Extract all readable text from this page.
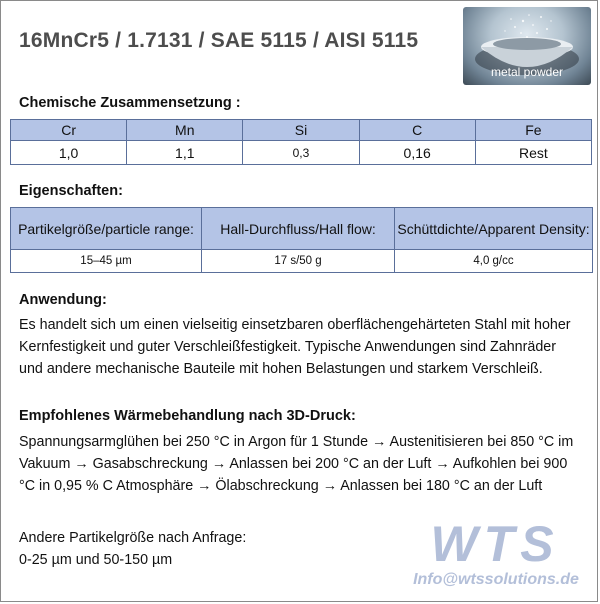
16MnCr5 / 1.7131 / SAE 5115 / AISI 5115
metal powder
Chemische Zusammensetzung :
Cr	Mn	Si	C	Fe
1,0	1,1	0,3	0,16	Rest
Eigenschaften:
Partikelgröße/particle range:	Hall-Durchfluss/Hall flow:	Schüttdichte/Apparent Density:
15–45 µm	17 s/50 g	4,0 g/cc
Anwendung:
Es handelt sich um einen vielseitig einsetzbaren oberflächengehärteten Stahl mit hoher Kernfestigkeit und guter Verschleißfestigkeit. Typische Anwendungen sind Zahnräder und andere mechanische Bauteile mit hohen Belastungen und starkem Verschleiß.
Empfohlenes Wärmebehandlung nach 3D-Druck:
Spannungsarmglühen bei 250 °C in Argon für 1 Stunde → Austenitisieren bei 850 °C im Vakuum → Gasabschreckung → Anlassen bei 200 °C an der Luft → Aufkohlen bei 900 °C in 0,95 % C Atmosphäre → Ölabschreckung → Anlassen bei 180 °C an der Luft
Andere Partikelgröße nach Anfrage:
0-25 µm und 50-150 µm	WTS
Info@wtssolutions.de
